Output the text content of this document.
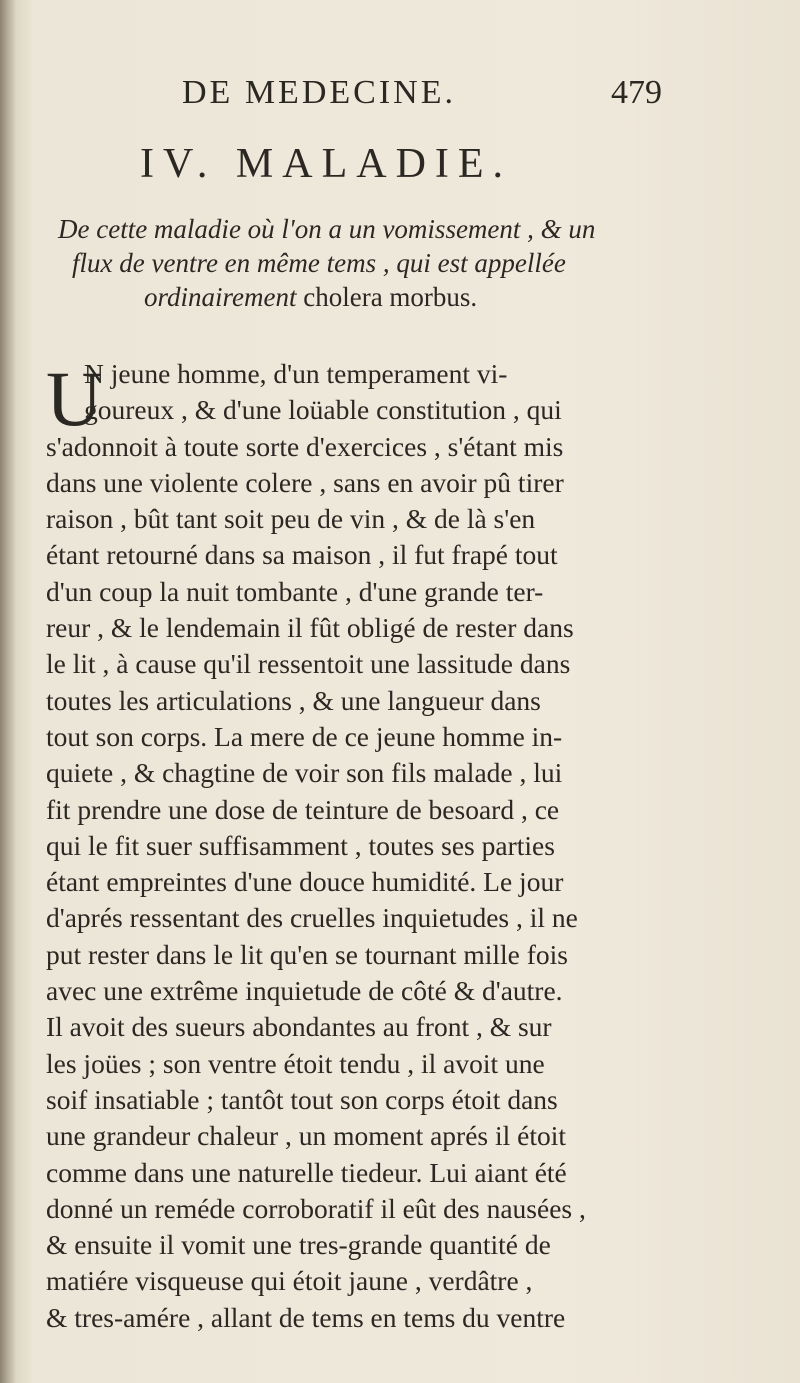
DE MEDECINE.	479
IV. MALADIE.
De cette maladie où l'on a un vomissement , & un
flux de ventre en même tems , qui est appellée
ordinairement cholera morbus.
U
N jeune homme, d'un temperament vi-
goureux , & d'une loüable constitution , qui
s'adonnoit à toute sorte d'exercices , s'étant mis
dans une violente colere , sans en avoir pû tirer
raison , bût tant soit peu de vin , & de là s'en
étant retourné dans sa maison , il fut frapé tout
d'un coup la nuit tombante , d'une grande ter-
reur , & le lendemain il fût obligé de rester dans
le lit , à cause qu'il ressentoit une lassitude dans
toutes les articulations , & une langueur dans
tout son corps. La mere de ce jeune homme in-
quiete , & chagtine de voir son fils malade , lui
fit prendre une dose de teinture de besoard , ce
qui le fit suer suffisamment , toutes ses parties
étant empreintes d'une douce humidité. Le jour
d'aprés ressentant des cruelles inquietudes , il ne
put rester dans le lit qu'en se tournant mille fois
avec une extrême inquietude de côté & d'autre.
Il avoit des sueurs abondantes au front , & sur
les joües ; son ventre étoit tendu , il avoit une
soif insatiable ; tantôt tout son corps étoit dans
une grandeur chaleur , un moment aprés il étoit
comme dans une naturelle tiedeur. Lui aiant été
donné un reméde corroboratif il eût des nausées ,
& ensuite il vomit une tres-grande quantité de
matiére visqueuse qui étoit jaune , verdâtre ,
& tres-amére , allant de tems en tems du ventre
